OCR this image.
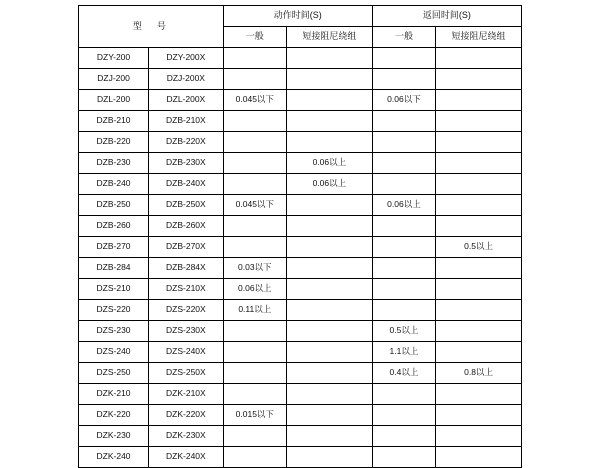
型　号		动作时间(S)		返回时间(S)	
		一般	短接阻尼绕组	一般	短接阻尼绕组
DZY-200	DZY-200X				
DZJ-200	DZJ-200X				
DZL-200	DZL-200X	0.045以下		0.06以下	
DZB-210	DZB-210X				
DZB-220	DZB-220X				
DZB-230	DZB-230X		0.06以上		
DZB-240	DZB-240X		0.06以上		
DZB-250	DZB-250X	0.045以下		0.06以上	
DZB-260	DZB-260X				
DZB-270	DZB-270X				0.5以上
DZB-284	DZB-284X	0.03以下			
DZS-210	DZS-210X	0.06以上			
DZS-220	DZS-220X	0.11以上			
DZS-230	DZS-230X			0.5以上	
DZS-240	DZS-240X			1.1以上	
DZS-250	DZS-250X			0.4以上	0.8以上
DZK-210	DZK-210X				
DZK-220	DZK-220X	0.015以下			
DZK-230	DZK-230X				
DZK-240	DZK-240X				
